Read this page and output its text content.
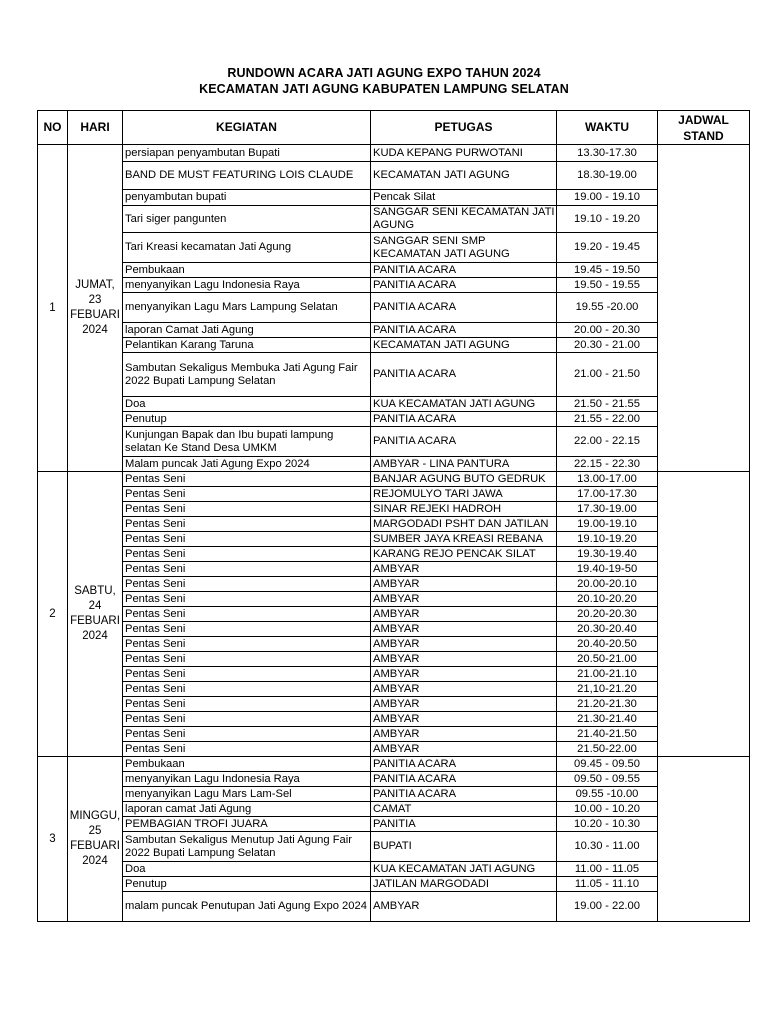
RUNDOWN ACARA JATI AGUNG EXPO TAHUN 2024
KECAMATAN JATI AGUNG KABUPATEN LAMPUNG SELATAN
NO	HARI	KEGIATAN	PETUGAS	WAKTU	JADWAL STAND
1	JUMAT, 23 FEBUARI 2024	persiapan penyambutan Bupati	KUDA KEPANG PURWOTANI	13.30-17.30	
		BAND DE MUST FEATURING LOIS CLAUDE	KECAMATAN JATI AGUNG	18.30-19.00	
		penyambutan bupati	Pencak Silat	19.00 - 19.10	
		Tari siger pangunten	SANGGAR SENI KECAMATAN JATI AGUNG	19.10 - 19.20	
		Tari Kreasi kecamatan Jati Agung	SANGGAR SENI SMP KECAMATAN JATI AGUNG	19.20 - 19.45	
		Pembukaan	PANITIA ACARA	19.45 - 19.50	
		menyanyikan Lagu Indonesia Raya	PANITIA ACARA	19.50 - 19.55	
		menyanyikan Lagu Mars Lampung Selatan	PANITIA ACARA	19.55 -20.00	
		laporan Camat Jati Agung	PANITIA ACARA	20.00 - 20.30	
		Pelantikan Karang Taruna	KECAMATAN JATI AGUNG	20.30 - 21.00	
		Sambutan Sekaligus Membuka Jati Agung Fair 2022 Bupati Lampung Selatan	PANITIA ACARA	21.00 - 21.50	
		Doa	KUA KECAMATAN JATI AGUNG	21.50 - 21.55	
		Penutup	PANITIA ACARA	21.55 - 22.00	
		Kunjungan Bapak dan Ibu bupati lampung selatan Ke Stand Desa UMKM	PANITIA ACARA	22.00 - 22.15	
		Malam puncak Jati Agung Expo 2024	AMBYAR - LINA PANTURA	22.15 - 22.30	
2	SABTU, 24 FEBUARI 2024	Pentas Seni	BANJAR AGUNG BUTO GEDRUK	13.00-17.00	
		Pentas Seni	REJOMULYO TARI JAWA	17.00-17.30	
		Pentas Seni	SINAR REJEKI HADROH	17.30-19.00	
		Pentas Seni	MARGODADI PSHT DAN JATILAN	19.00-19.10	
		Pentas Seni	SUMBER JAYA KREASI REBANA	19.10-19.20	
		Pentas Seni	KARANG REJO PENCAK SILAT	19.30-19.40	
		Pentas Seni	AMBYAR	19.40-19-50	
		Pentas Seni	AMBYAR	20.00-20.10	
		Pentas Seni	AMBYAR	20.10-20.20	
		Pentas Seni	AMBYAR	20.20-20.30	
		Pentas Seni	AMBYAR	20.30-20.40	
		Pentas Seni	AMBYAR	20.40-20.50	
		Pentas Seni	AMBYAR	20.50-21.00	
		Pentas Seni	AMBYAR	21.00-21.10	
		Pentas Seni	AMBYAR	21,10-21.20	
		Pentas Seni	AMBYAR	21.20-21.30	
		Pentas Seni	AMBYAR	21.30-21.40	
		Pentas Seni	AMBYAR	21.40-21.50	
		Pentas Seni	AMBYAR	21.50-22.00	
3	MINGGU, 25 FEBUARI 2024	Pembukaan	PANITIA ACARA	09.45 - 09.50	
		menyanyikan Lagu Indonesia Raya	PANITIA ACARA	09.50 - 09.55	
		menyanyikan Lagu Mars Lam-Sel	PANITIA ACARA	09.55 -10.00	
		laporan camat Jati Agung	CAMAT	10.00 - 10.20	
		PEMBAGIAN TROFI JUARA	PANITIA	10.20 - 10.30	
		Sambutan Sekaligus Menutup Jati Agung Fair 2022 Bupati Lampung Selatan	BUPATI	10.30 - 11.00	
		Doa	KUA KECAMATAN JATI AGUNG	11.00 - 11.05	
		Penutup	JATILAN MARGODADI	11.05 - 11.10	
		malam puncak Penutupan Jati Agung Expo 2024	AMBYAR	19.00 - 22.00	
